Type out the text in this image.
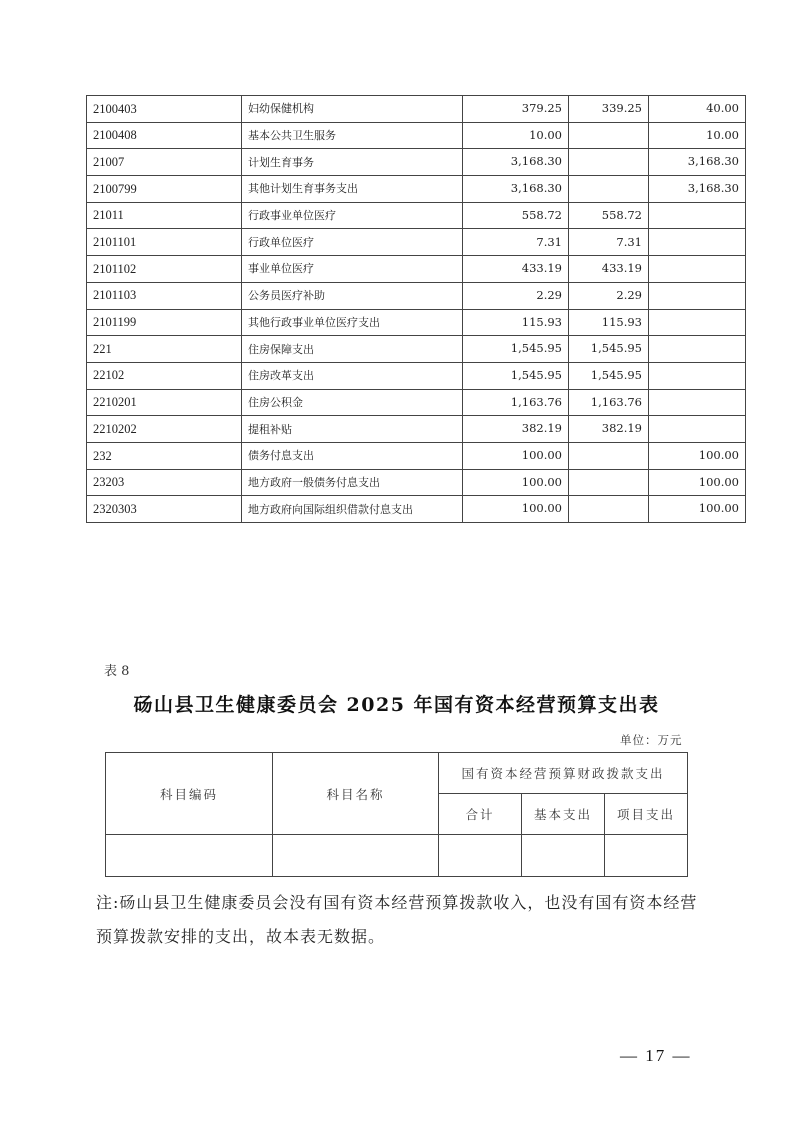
2100403	妇幼保健机构	379.25	339.25	40.00
2100408	基本公共卫生服务	10.00		10.00
21007	计划生育事务	3,168.30		3,168.30
2100799	其他计划生育事务支出	3,168.30		3,168.30
21011	行政事业单位医疗	558.72	558.72	
2101101	行政单位医疗	7.31	7.31	
2101102	事业单位医疗	433.19	433.19	
2101103	公务员医疗补助	2.29	2.29	
2101199	其他行政事业单位医疗支出	115.93	115.93	
221	住房保障支出	1,545.95	1,545.95	
22102	住房改革支出	1,545.95	1,545.95	
2210201	住房公积金	1,163.76	1,163.76	
2210202	提租补贴	382.19	382.19	
232	债务付息支出	100.00		100.00
23203	地方政府一般债务付息支出	100.00		100.00
2320303	地方政府向国际组织借款付息支出	100.00		100.00
表 8
砀山县卫生健康委员会 2025 年国有资本经营预算支出表
单位：万元
科目编码	科目名称	国有资本经营预算财政拨款支出		
		合计	基本支出	项目支出

注:砀山县卫生健康委员会没有国有资本经营预算拨款收入，也没有国有资本经营预算拨款安排的支出，故本表无数据。
— 17 —
